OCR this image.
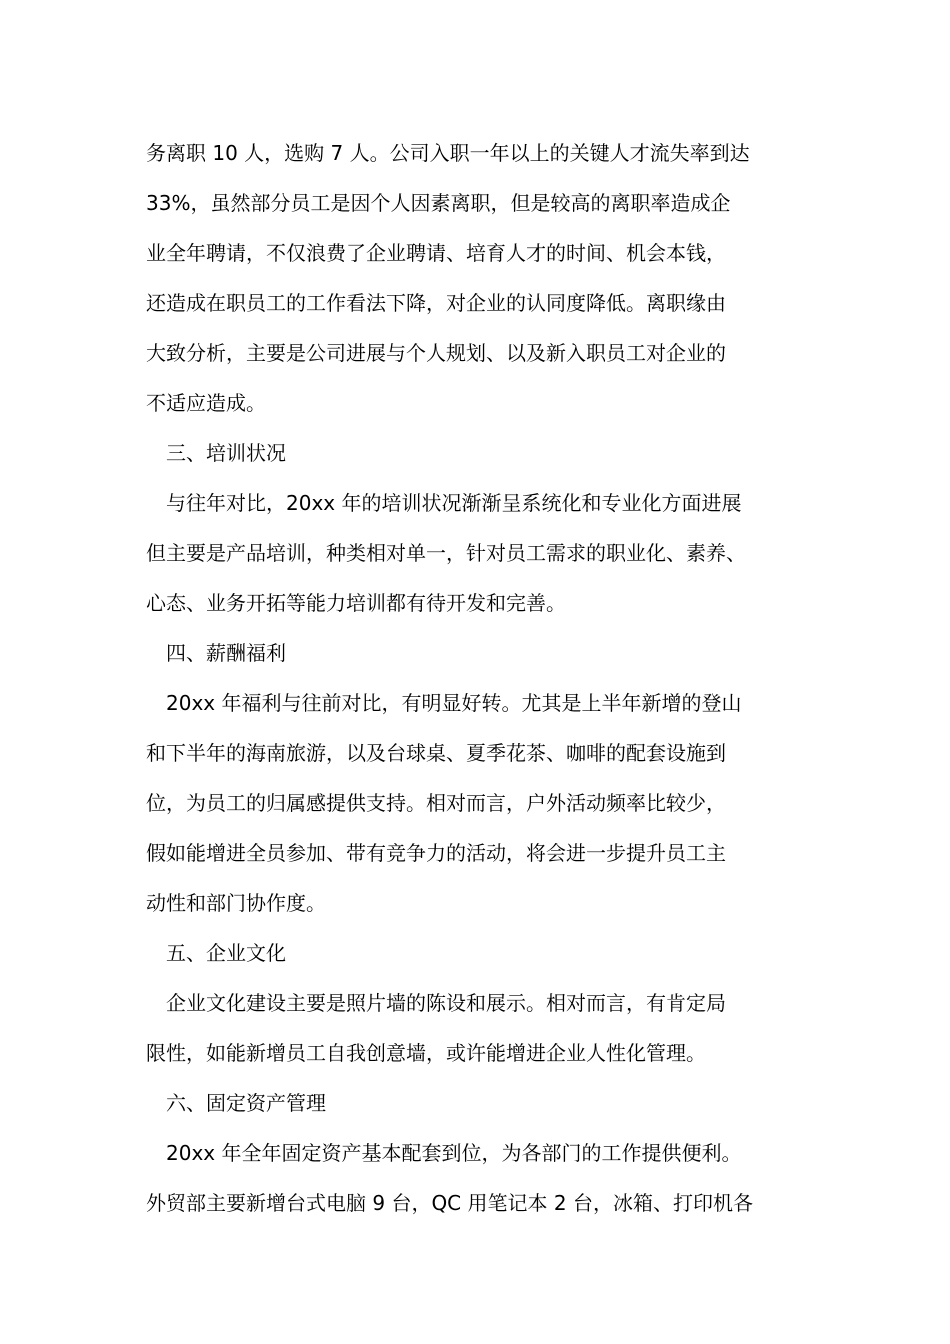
务离职 10 人，选购 7 人。公司入职一年以上的关键人才流失率到达
33%，虽然部分员工是因个人因素离职，但是较高的离职率造成企
业全年聘请，不仅浪费了企业聘请、培育人才的时间、机会本钱，
还造成在职员工的工作看法下降，对企业的认同度降低。离职缘由
大致分析，主要是公司进展与个人规划、以及新入职员工对企业的
不适应造成。
三、培训状况
与往年对比，20xx 年的培训状况渐渐呈系统化和专业化方面进展
但主要是产品培训，种类相对单一，针对员工需求的职业化、素养、
心态、业务开拓等能力培训都有待开发和完善。
四、薪酬福利
20xx 年福利与往前对比，有明显好转。尤其是上半年新增的登山
和下半年的海南旅游，以及台球桌、夏季花茶、咖啡的配套设施到
位，为员工的归属感提供支持。相对而言，户外活动频率比较少，
假如能增进全员参加、带有竞争力的活动，将会进一步提升员工主
动性和部门协作度。
五、企业文化
企业文化建设主要是照片墙的陈设和展示。相对而言，有肯定局
限性，如能新增员工自我创意墙，或许能增进企业人性化管理。
六、固定资产管理
20xx 年全年固定资产基本配套到位，为各部门的工作提供便利。
外贸部主要新增台式电脑 9 台，QC 用笔记本 2 台，冰箱、打印机各
